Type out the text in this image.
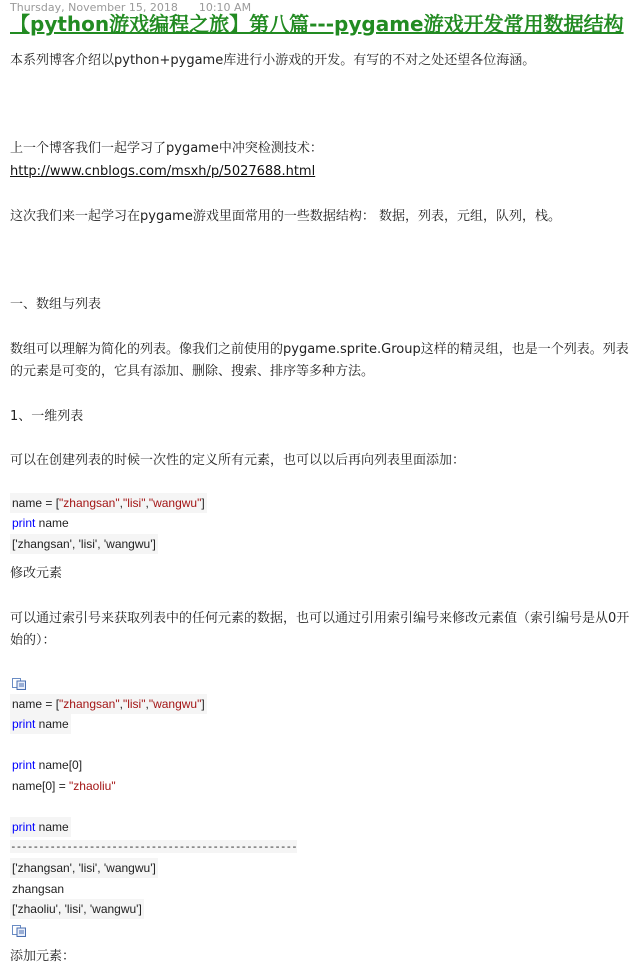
Thursday, November 15, 2018 10:10 AM
【python游戏编程之旅】第八篇---pygame游戏开发常用数据结构
本系列博客介绍以python+pygame库进行小游戏的开发。有写的不对之处还望各位海涵。
上一个博客我们一起学习了pygame中冲突检测技术：
http://www.cnblogs.com/msxh/p/5027688.html
这次我们来一起学习在pygame游戏里面常用的一些数据结构： 数据，列表，元组，队列，栈。
一、数组与列表
数组可以理解为简化的列表。像我们之前使用的pygame.sprite.Group这样的精灵组，也是一个列表。列表的元素是可变的，它具有添加、删除、搜索、排序等多种方法。
1、一维列表
可以在创建列表的时候一次性的定义所有元素，也可以以后再向列表里面添加：
name = ["zhangsan","lisi","wangwu"]
print name
['zhangsan', 'lisi', 'wangwu']
修改元素
可以通过索引号来获取列表中的任何元素的数据，也可以通过引用索引编号来修改元素值（索引编号是从0开始的）：
name = ["zhangsan","lisi","wangwu"]
print name
print name[0]
name[0] = "zhaoliu"
print name
---------------------------------------------------
['zhangsan', 'lisi', 'wangwu']
zhangsan
['zhaoliu', 'lisi', 'wangwu']
添加元素：
